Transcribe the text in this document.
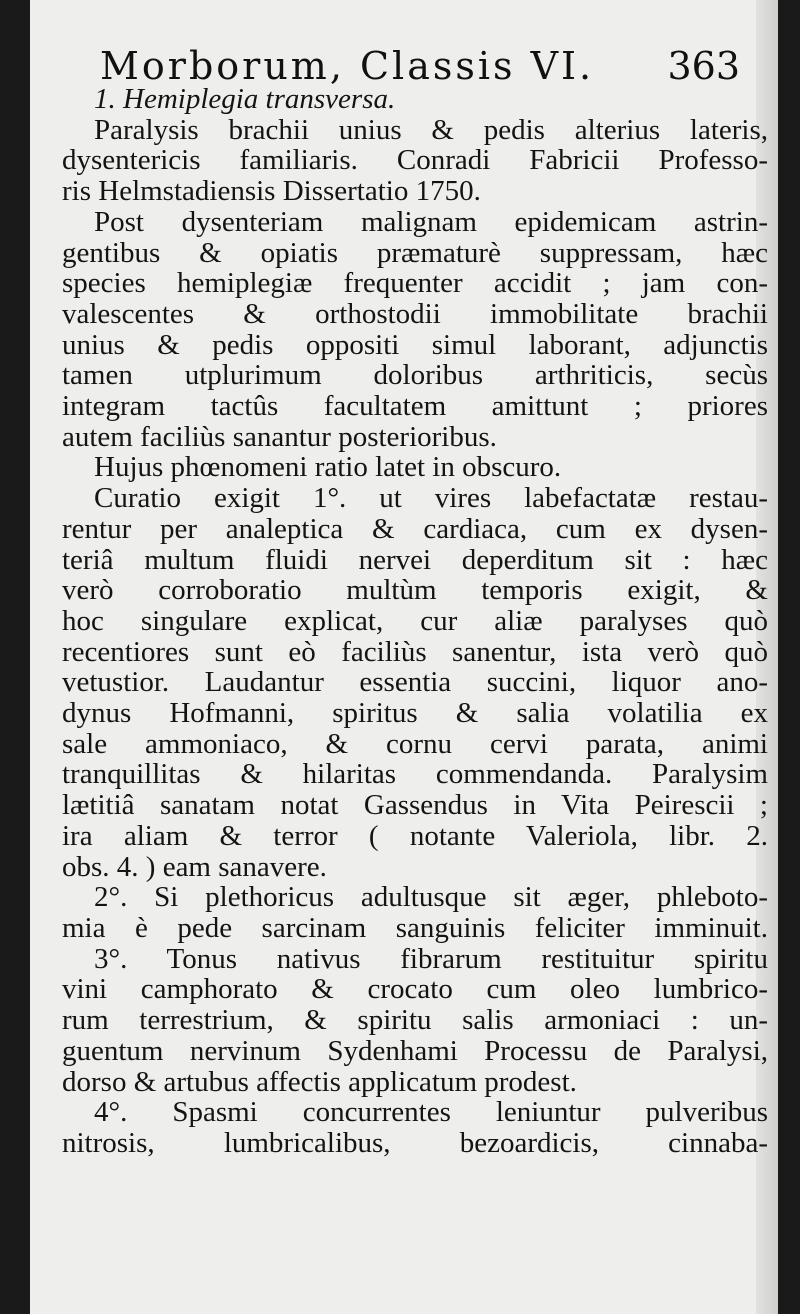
Morborum, Classis VI. 363
1. Hemiplegia transversa.
Paralysis brachii unius & pedis alterius lateris,
dysentericis familiaris. Conradi Fabricii Professo-
ris Helmstadiensis Dissertatio 1750.
Post dysenteriam malignam epidemicam astrin-
gentibus & opiatis præmaturè suppressam, hæc
species hemiplegiæ frequenter accidit ; jam con-
valescentes & orthostodii immobilitate brachii
unius & pedis oppositi simul laborant, adjunctis
tamen utplurimum doloribus arthriticis, secùs
integram tactûs facultatem amittunt ; priores
autem faciliùs sanantur posterioribus.
Hujus phœnomeni ratio latet in obscuro.
Curatio exigit 1°. ut vires labefactatæ restau-
rentur per analeptica & cardiaca, cum ex dysen-
teriâ multum fluidi nervei deperditum sit : hæc
verò corroboratio multùm temporis exigit, &
hoc singulare explicat, cur aliæ paralyses quò
recentiores sunt eò faciliùs sanentur, ista verò quò
vetustior. Laudantur essentia succini, liquor ano-
dynus Hofmanni, spiritus & salia volatilia ex
sale ammoniaco, & cornu cervi parata, animi
tranquillitas & hilaritas commendanda. Paralysim
lætitiâ sanatam notat Gassendus in Vita Peirescii ;
ira aliam & terror ( notante Valeriola, libr. 2.
obs. 4. ) eam sanavere.
2°. Si plethoricus adultusque sit æger, phleboto-
mia è pede sarcinam sanguinis feliciter imminuit.
3°. Tonus nativus fibrarum restituitur spiritu
vini camphorato & crocato cum oleo lumbrico-
rum terrestrium, & spiritu salis armoniaci : un-
guentum nervinum Sydenhami Processu de Paralysi,
dorso & artubus affectis applicatum prodest.
4°. Spasmi concurrentes leniuntur pulveribus
nitrosis, lumbricalibus, bezoardicis, cinnaba-
